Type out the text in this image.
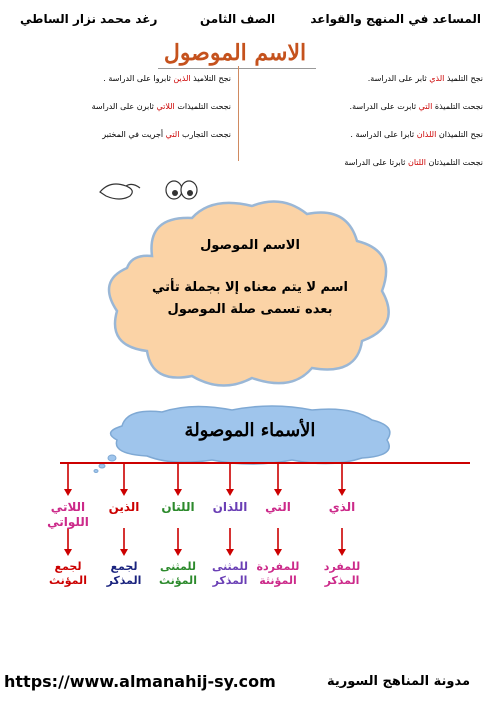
المساعد في المنهج والقواعد
الصف الثامن
رغد محمد نزار الساطي
الاسم الموصول
نجح التلميذ الذي ثابر على الدراسة.
نجحت التلميذة التي ثابرت على الدراسة.
نجح التلميذان اللذان ثابرا على الدراسة .
نجحت التلميذتان اللتان ثابرتا على الدراسة
نجح التلاميذ الذين ثابروا على الدراسة .
نجحت التلميذات اللاتي ثابرن على الدراسة
نجحت التجارب التي أجريت في المختبر
الاسم الموصول
اسم لا يتم معناه إلا بجملة تأتي
بعده تسمى صلة الموصول
الأسماء الموصولة
الذي
للمفرد
المذكر
التي
للمفردة
المؤنثة
اللذان
للمثنى
المذكر
اللتان
للمثنى
المؤنث
الذين
لجمع
المذكر
اللاتي
اللواتي
لجمع
المؤنث
https://www.almanahij-sy.com	مدونة المناهج السورية
